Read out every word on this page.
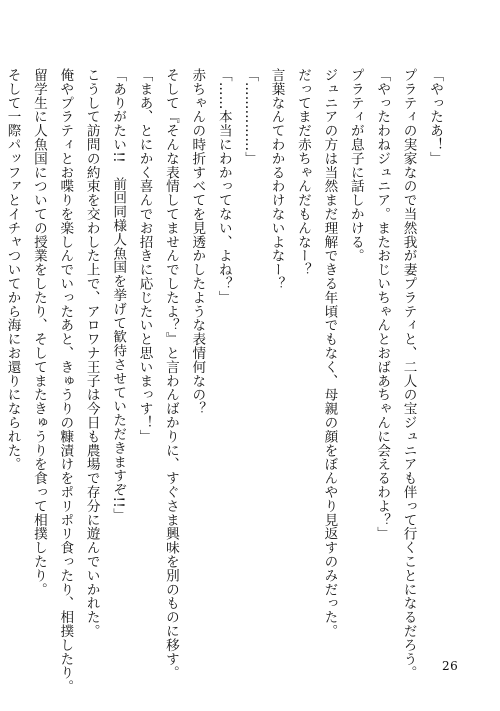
「やったあ！」

プラティの実家なので当然我が妻プラティと、二人の宝ジュニアも伴って行くことになるだろう。

「やったわねジュニア。またおじいちゃんとおばあちゃんに会えるわよ？」

プラティが息子に話しかける。

ジュニアの方は当然まだ理解できる年頃でもなく、母親の顔をぼんやり見返すのみだった。

だってまだ赤ちゃんだもんなー？

言葉なんてわかるわけないよなー？

「……………」

「……本当にわかってない、よね？」

赤ちゃんの時折すべてを見透かしたような表情何なの？

そして『そんな表情してませんでしたよ？』と言わんばかりに、すぐさま興味を別のものに移す。

「まあ、とにかく喜んでお招きに応じたいと思いまっす！」

「ありがたい!!　前回同様人魚国を挙げて歓待させていただきますぞ!!」

こうして訪問の約束を交わした上で、アロワナ王子は今日も農場で存分に遊んでいかれた。

俺やプラティとお喋りを楽しんでいったあと、きゅうりの糠漬けをポリポリ食ったり、相撲したり。

留学生に人魚国についての授業をしたり、そしてまたきゅうりを食って相撲したり。

そして一際パッファとイチャついてから海にお還りになられた。

26
